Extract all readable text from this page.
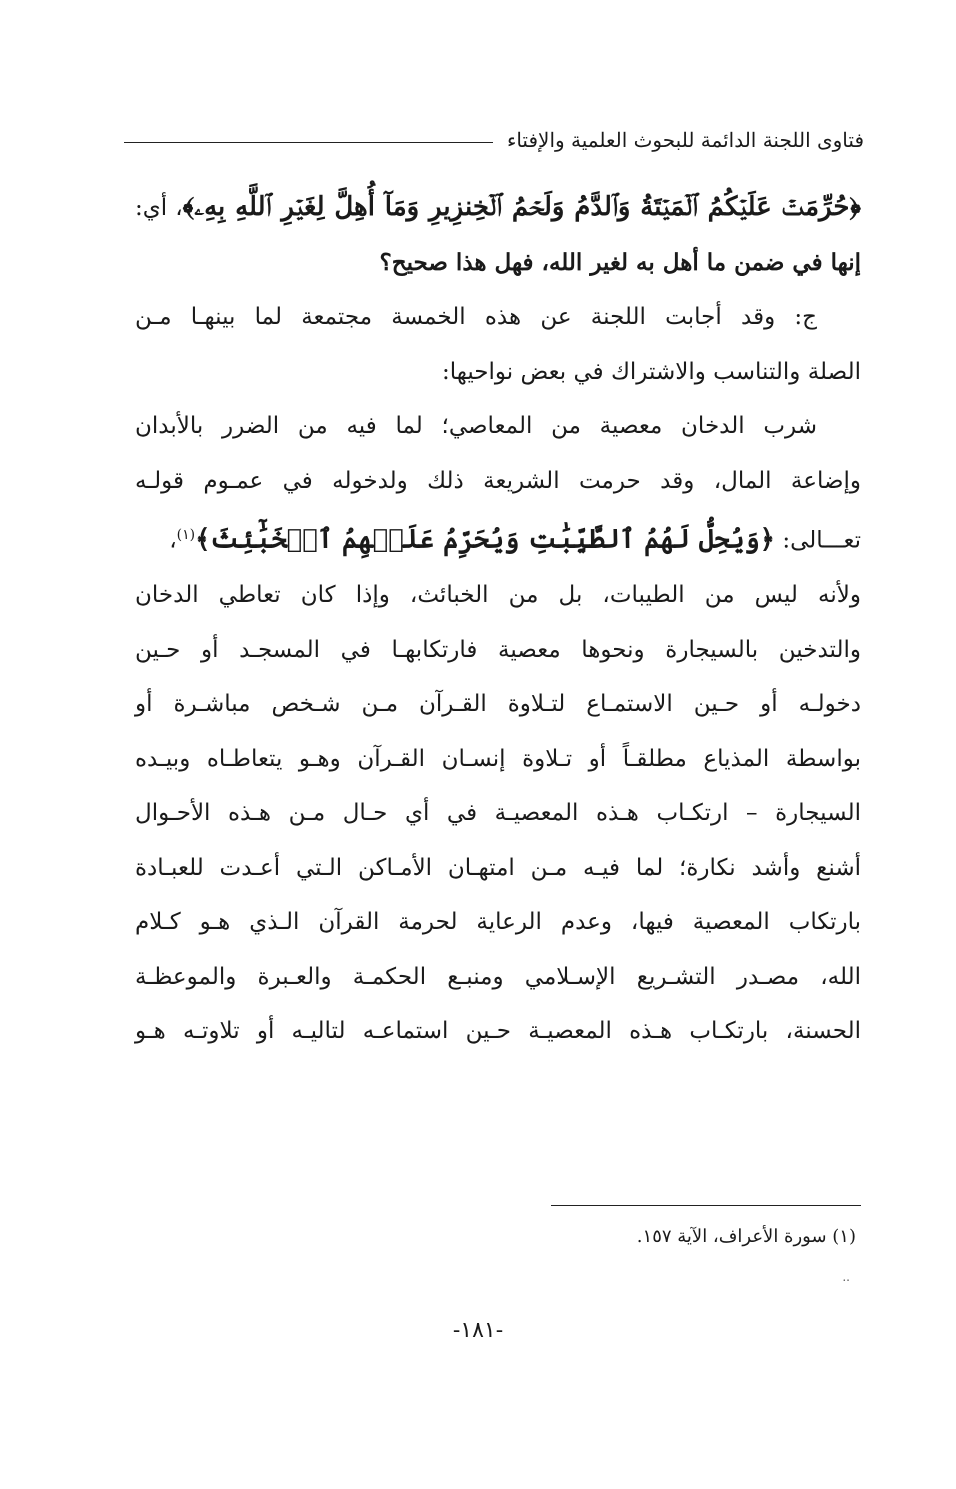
فتاوى اللجنة الدائمة للبحوث العلمية والإفتاء
﴿حُرِّمَتۡ عَلَيۡكُمُ ٱلۡمَيۡتَةُ وَٱلدَّمُ وَلَحۡمُ ٱلۡخِنزِيرِ وَمَآ أُهِلَّ لِغَيۡرِ ٱللَّهِ بِهِۦ﴾، أي:
إنها في ضمن ما أهل به لغير الله، فهل هذا صحيح؟
ج: وقد أجابت اللجنة عن هذه الخمسة مجتمعة لما بينهـا مـن
الصلة والتناسب والاشتراك في بعض نواحيها:
شرب الدخان معصية من المعاصي؛ لما فيه من الضرر بالأبدان
وإضاعة المال، وقد حرمت الشريعة ذلك ولدخوله في عمـوم قولـه
تعـــالى: ﴿وَيُحِلُّ لَهُمُ ٱلطَّيِّبَٰتِ وَيُحَرِّمُ عَلَيۡهِمُ ٱلۡخَبَٰٓئِثَ﴾$^{(١)}$،
ولأنه ليس من الطيبات، بل من الخبائث، وإذا كان تعاطي الدخان
والتدخين بالسيجارة ونحوها معصية فارتكابهـا في المسجـد أو حـين
دخولـه أو حـين الاستمـاع لتـلاوة القـرآن مـن شـخص مباشـرة أو
بواسطة المذياع مطلقـاً أو تـلاوة إنسـان القـرآن وهـو يتعاطـاه وبيـده
السيجارة – ارتكـاب هـذه المعصيـة في أي حـال مـن هـذه الأحـوال
أشنع وأشد نكارة؛ لما فيـه مـن امتهـان الأمـاكن الـتي أعـدت للعبـادة
بارتكاب المعصية فيها، وعدم الرعاية لحرمة القرآن الـذي هـو كـلام
الله، مصـدر التشـريع الإسـلامي ومنبـع الحكمـة والعـبرة والموعظـة
الحسنة، بارتكـاب هـذه المعصيـة حـين استماعـه لتاليـه أو تلاوتـه هـو
(١) سورة الأعراف، الآية ١٥٧.
..
-١٨١-
